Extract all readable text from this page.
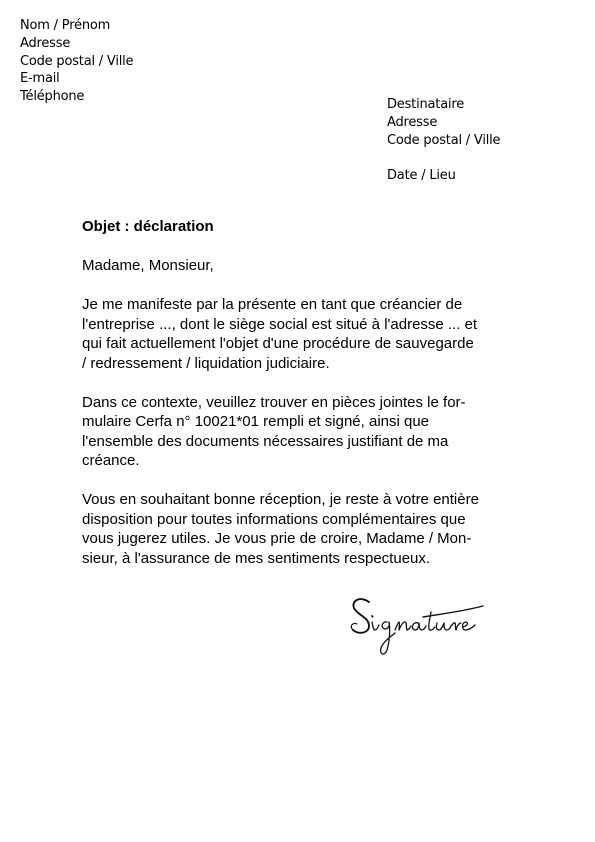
Nom / Prénom
Adresse
Code postal / Ville
E-mail
Téléphone
Destinataire
Adresse
Code postal / Ville
Date / Lieu
Objet : déclaration
Madame, Monsieur,
Je me manifeste par la présente en tant que créancier de
l'entreprise ..., dont le siège social est situé à l'adresse ... et
qui fait actuellement l'objet d'une procédure de sauvegarde
/ redressement / liquidation judiciaire.
Dans ce contexte, veuillez trouver en pièces jointes le for-
mulaire Cerfa n° 10021*01 rempli et signé, ainsi que
l'ensemble des documents nécessaires justifiant de ma
créance.
Vous en souhaitant bonne réception, je reste à votre entière
disposition pour toutes informations complémentaires que
vous jugerez utiles. Je vous prie de croire, Madame / Mon-
sieur, à l'assurance de mes sentiments respectueux.
